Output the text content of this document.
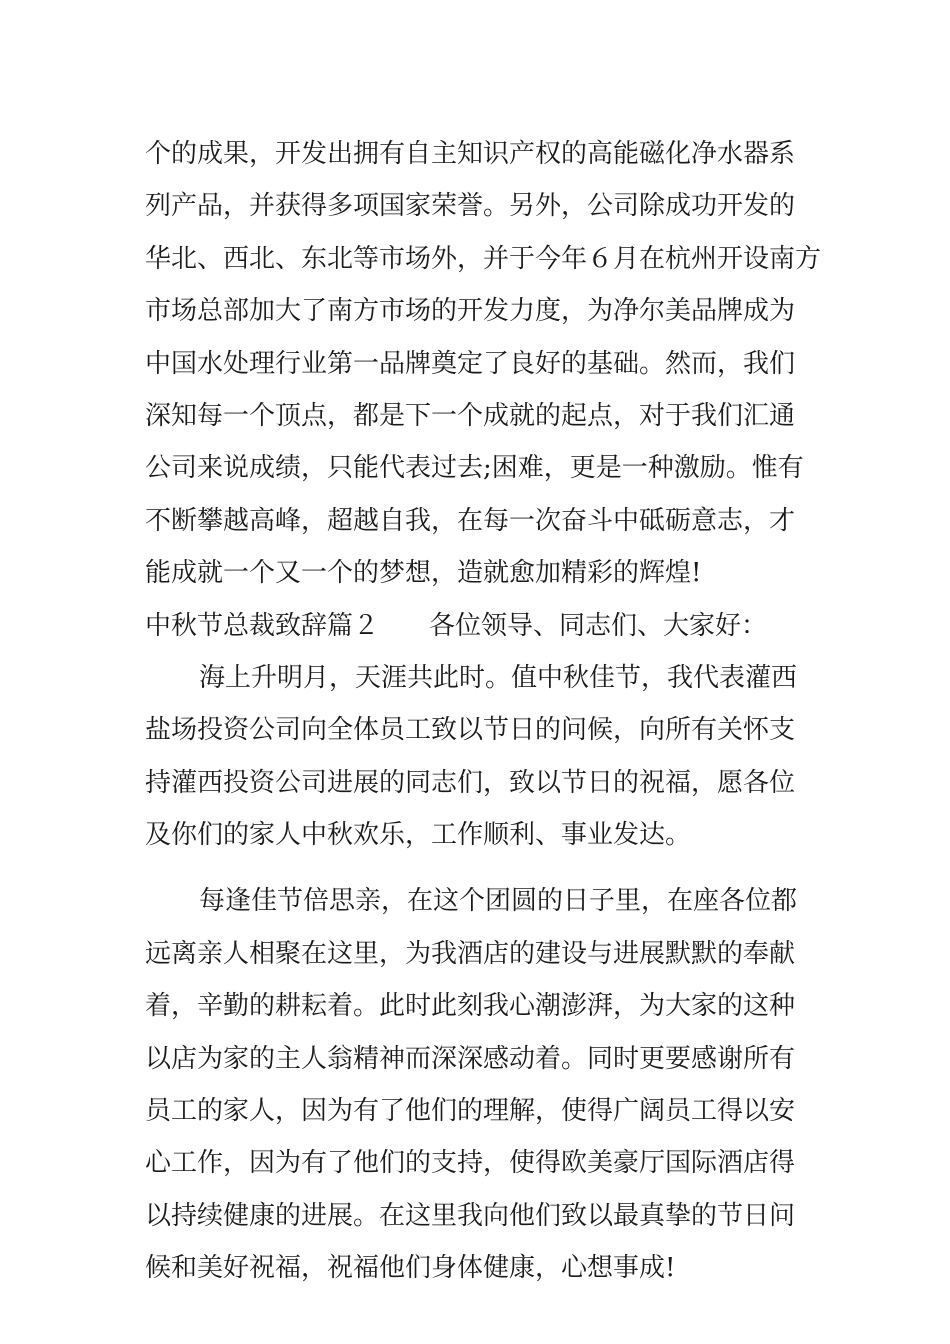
个的成果，开发出拥有自主知识产权的高能磁化净水器系
列产品，并获得多项国家荣誉。另外，公司除成功开发的
华北、西北、东北等市场外，并于今年６月在杭州开设南方
市场总部加大了南方市场的开发力度，为净尔美品牌成为
中国水处理行业第一品牌奠定了良好的基础。然而，我们
深知每一个顶点，都是下一个成就的起点，对于我们汇通
公司来说成绩，只能代表过去;困难，更是一种激励。惟有
不断攀越高峰，超越自我，在每一次奋斗中砥砺意志，才
能成就一个又一个的梦想，造就愈加精彩的辉煌!
中秋节总裁致辞篇２ 各位领导、同志们、大家好：
海上升明月，天涯共此时。值中秋佳节，我代表灌西
盐场投资公司向全体员工致以节日的问候，向所有关怀支
持灌西投资公司进展的同志们，致以节日的祝福，愿各位
及你们的家人中秋欢乐，工作顺利、事业发达。
每逢佳节倍思亲，在这个团圆的日子里，在座各位都
远离亲人相聚在这里，为我酒店的建设与进展默默的奉献
着，辛勤的耕耘着。此时此刻我心潮澎湃，为大家的这种
以店为家的主人翁精神而深深感动着。同时更要感谢所有
员工的家人，因为有了他们的理解，使得广阔员工得以安
心工作，因为有了他们的支持，使得欧美豪厅国际酒店得
以持续健康的进展。在这里我向他们致以最真挚的节日问
候和美好祝福，祝福他们身体健康，心想事成!
